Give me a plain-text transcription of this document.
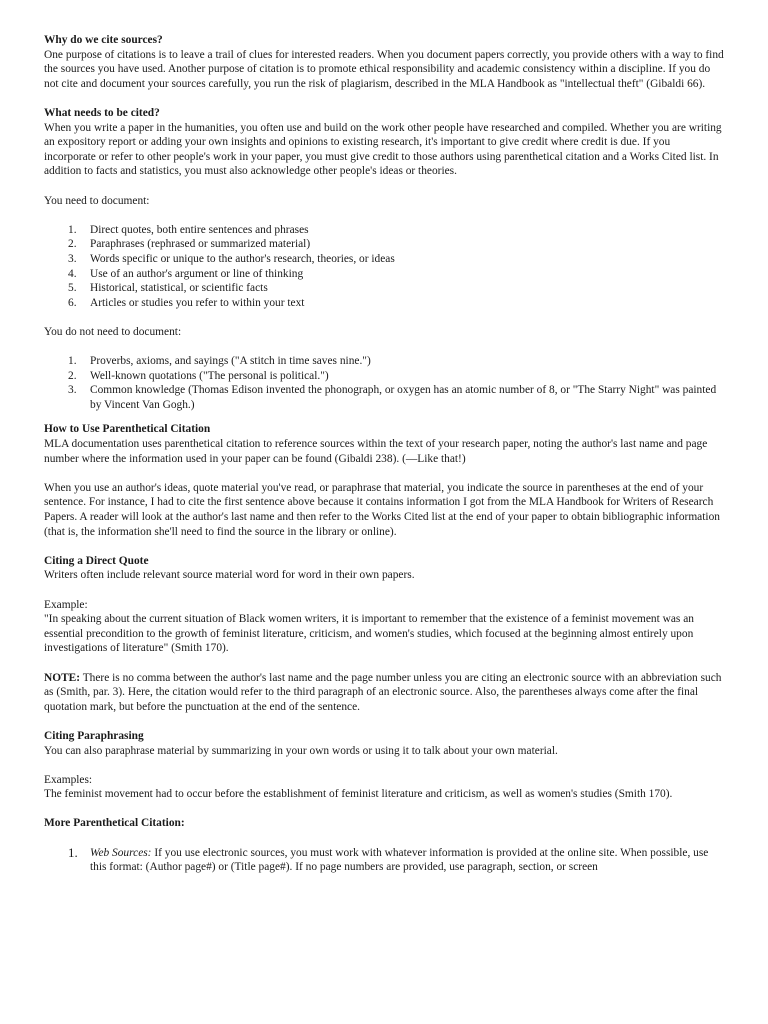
Why do we cite sources?

One purpose of citations is to leave a trail of clues for interested readers. When you document papers correctly, you provide others with a way to find the sources you have used. Another purpose of citation is to promote ethical responsibility and academic consistency within a discipline. If you do not cite and document your sources carefully, you run the risk of plagiarism, described in the MLA Handbook as "intellectual theft" (Gibaldi 66).

What needs to be cited?

When you write a paper in the humanities, you often use and build on the work other people have researched and compiled. Whether you are writing an expository report or adding your own insights and opinions to existing research, it's important to give credit where credit is due. If you incorporate or refer to other people's work in your paper, you must give credit to those authors using parenthetical citation and a Works Cited list. In addition to facts and statistics, you must also acknowledge other people's ideas or theories.

You need to document:

1. Direct quotes, both entire sentences and phrases
2. Paraphrases (rephrased or summarized material)
3. Words specific or unique to the author's research, theories, or ideas
4. Use of an author's argument or line of thinking
5. Historical, statistical, or scientific facts
6. Articles or studies you refer to within your text

You do not need to document:

1. Proverbs, axioms, and sayings ("A stitch in time saves nine.")
2. Well-known quotations ("The personal is political.")
3. Common knowledge (Thomas Edison invented the phonograph, or oxygen has an atomic number of 8, or "The Starry Night" was painted by Vincent Van Gogh.)
How to Use Parenthetical Citation

MLA documentation uses parenthetical citation to reference sources within the text of your research paper, noting the author's last name and page number where the information used in your paper can be found (Gibaldi 238). (—Like that!)

When you use an author's ideas, quote material you've read, or paraphrase that material, you indicate the source in parentheses at the end of your sentence. For instance, I had to cite the first sentence above because it contains information I got from the MLA Handbook for Writers of Research Papers. A reader will look at the author's last name and then refer to the Works Cited list at the end of your paper to obtain bibliographic information (that is, the information she'll need to find the source in the library or online).

Citing a Direct Quote

Writers often include relevant source material word for word in their own papers.

Example:

"In speaking about the current situation of Black women writers, it is important to remember that the existence of a feminist movement was an essential precondition to the growth of feminist literature, criticism, and women's studies, which focused at the beginning almost entirely upon investigations of literature" (Smith 170).

NOTE: There is no comma between the author's last name and the page number unless you are citing an electronic source with an abbreviation such as (Smith, par. 3). Here, the citation would refer to the third paragraph of an electronic source. Also, the parentheses always come after the final quotation mark, but before the punctuation at the end of the sentence.

Citing Paraphrasing

You can also paraphrase material by summarizing in your own words or using it to talk about your own material.

Examples:

The feminist movement had to occur before the establishment of feminist literature and criticism, as well as women's studies (Smith 170).

More Parenthetical Citation:
1. Web Sources: If you use electronic sources, you must work with whatever information is provided at the online site. When possible, use this format: (Author page#) or (Title page#). If no page numbers are provided, use paragraph, section, or screen
